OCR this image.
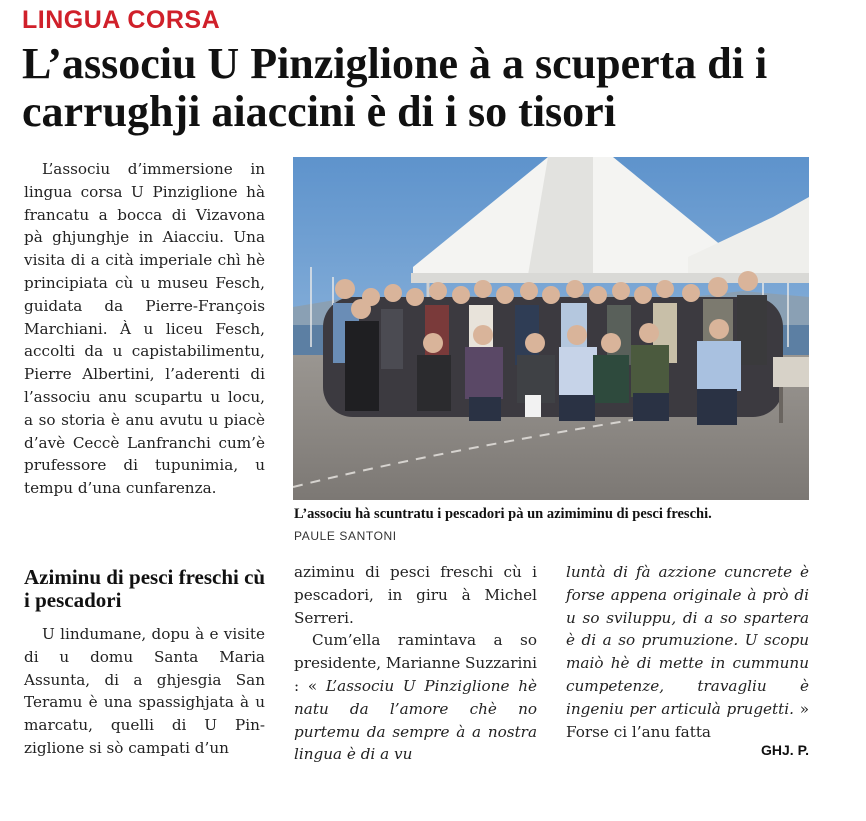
LINGUA CORSA
L’associu U Pinziglione à a scuperta di i carrughji aiaccini è di i so tisori

L’associu d’immersione in lingua corsa U Pinziglione hà francatu a bocca di Vizavona pà ghjunghje in Aiacciu. Una visita di a cità imperiale chì hè principiata cù u museu Fesch, guidata da Pierre-François Marchiani. À u liceu Fesch, accolti da u capistabilimentu, Pierre Albertini, l’aderenti di l’associu anu scupartu u locu, a so storia è anu avutu u piacè d’avè Ceccè Lanfranchi cum’è prufessore di tupunimia, u tempu d’una cunfarenza.

Aziminu di pesci freschi cù i pescadori

U lindumane, dopu à e visite di u domu Santa Maria Assunta, di a ghjesgia San Teramu è una spassighjata à u marcatu, quelli di U Pinziglione si sò campati d’un

L’associu hà scuntratu i pescadori pà un azimiminu di pesci freschi.
PAULE SANTONI

aziminu di pesci freschi cù i pescadori, in giru à Michel Serreri.

Cum’ella ramintava a so presidente, Marianne Suzzarini : « L’associu U Pinziglione hè natu da l’amore chè no purtemu da sempre à a nostra lingua è di a vu

luntà di fà azzione cuncrete è forse appena originale à prò di u so sviluppu, di a so spartera è di a so prumuzione. U scopu maiò hè di mette in cummunu cumpetenze, travagliu è ingeniu per articulà prugetti. » Forse ci l’anu fatta

GHJ. P.
